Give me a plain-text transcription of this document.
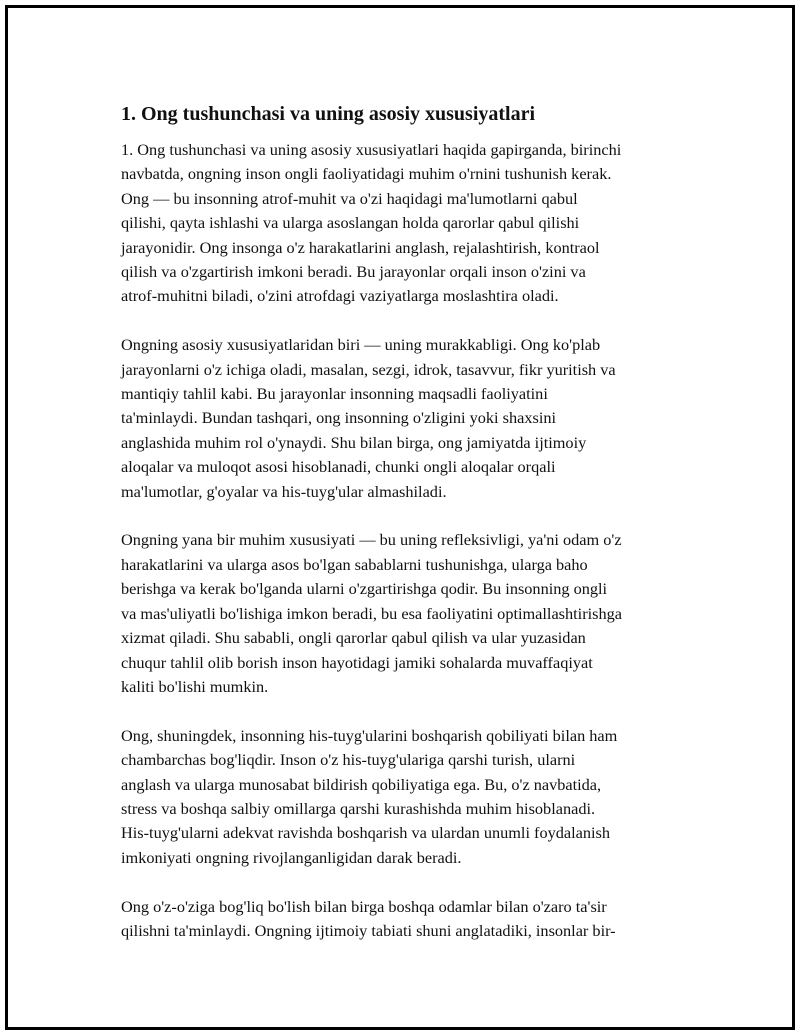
1. Ong tushunchasi va uning asosiy xususiyatlari

1. Ong tushunchasi va uning asosiy xususiyatlari haqida gapirganda, birinchi
navbatda, ongning inson ongli faoliyatidagi muhim o'rnini tushunish kerak.
Ong — bu insonning atrof-muhit va o'zi haqidagi ma'lumotlarni qabul
qilishi, qayta ishlashi va ularga asoslangan holda qarorlar qabul qilishi
jarayonidir. Ong insonga o'z harakatlarini anglash, rejalashtirish, kontraol
qilish va o'zgartirish imkoni beradi. Bu jarayonlar orqali inson o'zini va
atrof-muhitni biladi, o'zini atrofdagi vaziyatlarga moslashtira oladi.

Ongning asosiy xususiyatlaridan biri — uning murakkabligi. Ong ko'plab
jarayonlarni o'z ichiga oladi, masalan, sezgi, idrok, tasavvur, fikr yuritish va
mantiqiy tahlil kabi. Bu jarayonlar insonning maqsadli faoliyatini
ta'minlaydi. Bundan tashqari, ong insonning o'zligini yoki shaxsini
anglashida muhim rol o'ynaydi. Shu bilan birga, ong jamiyatda ijtimoiy
aloqalar va muloqot asosi hisoblanadi, chunki ongli aloqalar orqali
ma'lumotlar, g'oyalar va his-tuyg'ular almashiladi.

Ongning yana bir muhim xususiyati — bu uning refleksivligi, ya'ni odam o'z
harakatlarini va ularga asos bo'lgan sabablarni tushunishga, ularga baho
berishga va kerak bo'lganda ularni o'zgartirishga qodir. Bu insonning ongli
va mas'uliyatli bo'lishiga imkon beradi, bu esa faoliyatini optimallashtirishga
xizmat qiladi. Shu sababli, ongli qarorlar qabul qilish va ular yuzasidan
chuqur tahlil olib borish inson hayotidagi jamiki sohalarda muvaffaqiyat
kaliti bo'lishi mumkin.

Ong, shuningdek, insonning his-tuyg'ularini boshqarish qobiliyati bilan ham
chambarchas bog'liqdir. Inson o'z his-tuyg'ulariga qarshi turish, ularni
anglash va ularga munosabat bildirish qobiliyatiga ega. Bu, o'z navbatida,
stress va boshqa salbiy omillarga qarshi kurashishda muhim hisoblanadi.
His-tuyg'ularni adekvat ravishda boshqarish va ulardan unumli foydalanish
imkoniyati ongning rivojlanganligidan darak beradi.

Ong o'z-o'ziga bog'liq bo'lish bilan birga boshqa odamlar bilan o'zaro ta'sir
qilishni ta'minlaydi. Ongning ijtimoiy tabiati shuni anglatadiki, insonlar bir-
